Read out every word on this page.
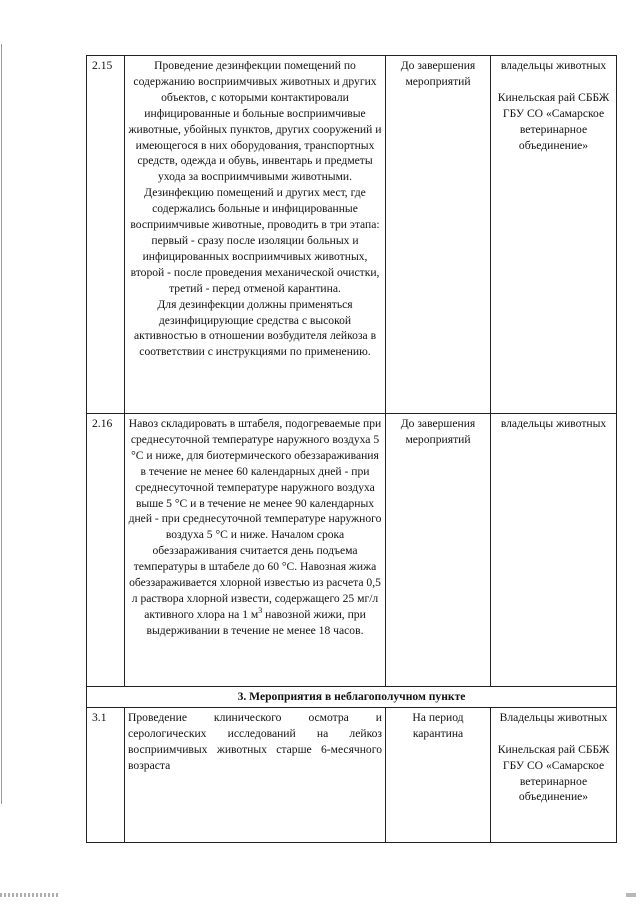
2.15	Проведение дезинфекции помещений по содержанию восприимчивых животных и других объектов, с которыми контактировали инфицированные и больные восприимчивые животные, убойных пунктов, других сооружений и имеющегося в них оборудования, транспортных средств, одежда и обувь, инвентарь и предметы ухода за восприимчивыми животными.
Дезинфекцию помещений и других мест, где содержались больные и инфицированные восприимчивые животные, проводить в три этапа: первый - сразу после изоляции больных и инфицированных восприимчивых животных, второй - после проведения механической очистки, третий - перед отменой карантина.
Для дезинфекции должны применяться дезинфицирующие средства с высокой активностью в отношении возбудителя лейкоза в соответствии с инструкциями по применению.	До завершения мероприятий	владельцы животных
Кинельская рай СББЖ ГБУ СО «Самарское ветеринарное объединение»

2.16	Навоз складировать в штабеля, подогреваемые при среднесуточной температуре наружного воздуха 5 °С и ниже, для биотермического обеззараживания в течение не менее 60 календарных дней - при среднесуточной температуре наружного воздуха выше 5 °С и в течение не менее 90 календарных дней - при среднесуточной температуре наружного воздуха 5 °С и ниже. Началом срока обеззараживания считается день подъема температуры в штабеле до 60 °С. Навозная жижа обеззараживается хлорной известью из расчета 0,5 л раствора хлорной извести, содержащего 25 мг/л активного хлора на 1 $м^3$ навозной жижи, при выдерживании в течение не менее 18 часов.	До завершения мероприятий	владельцы животных

3. Мероприятия в неблагополучном пункте			
3.1	Проведение клинического осмотра и серологических исследований на лейкоз восприимчивых животных старше 6-месячного возраста	На период карантина	Владельцы животных
Кинельская рай СББЖ ГБУ СО «Самарское ветеринарное объединение»
